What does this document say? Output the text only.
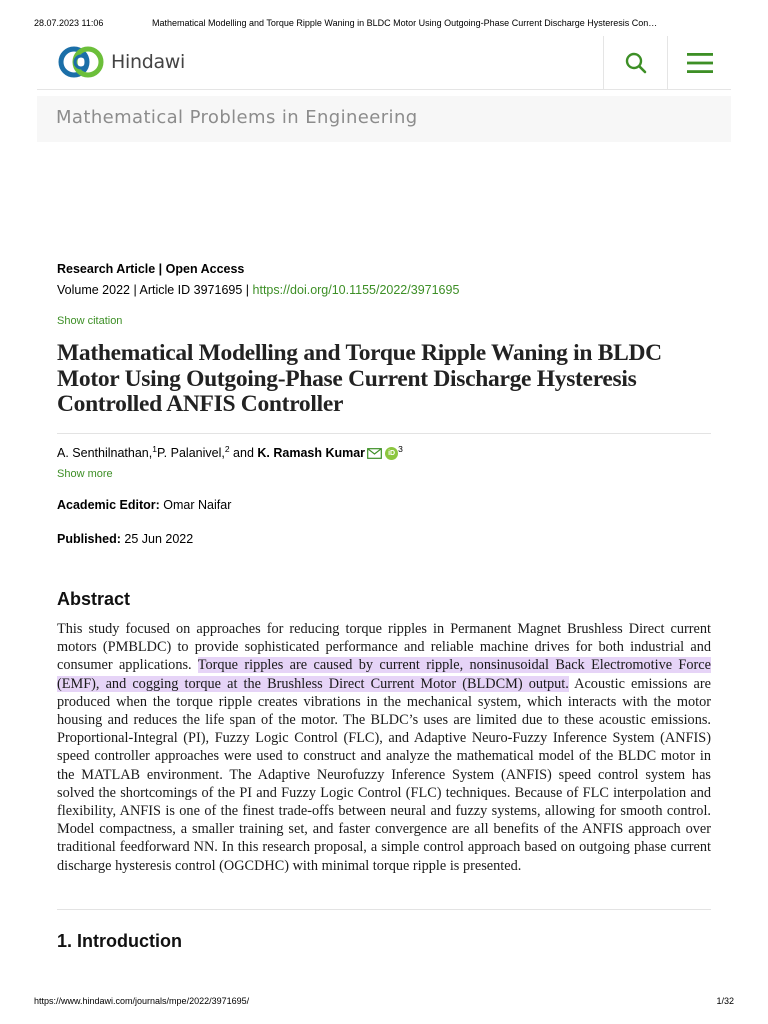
28.07.2023 11:06	Mathematical Modelling and Torque Ripple Waning in BLDC Motor Using Outgoing-Phase Current Discharge Hysteresis Con…
Hindawi
Mathematical Problems in Engineering
Research Article | Open Access
Volume 2022 | Article ID 3971695 | https://doi.org/10.1155/2022/3971695
Show citation
Mathematical Modelling and Torque Ripple Waning in BLDC Motor Using Outgoing-Phase Current Discharge Hysteresis Controlled ANFIS Controller
A. Senthilnathan,$^1$ P. Palanivel,$^2$ and K. Ramash Kumar	iD $^3$
Show more
Academic Editor: Omar Naifar
Published: 25 Jun 2022
Abstract

This study focused on approaches for reducing torque ripples in Permanent Magnet Brushless Direct current motors (PMBLDC) to provide sophisticated performance and reliable machine drives for both industrial and consumer applications. Torque ripples are caused by current ripple, nonsinusoidal Back Electromotive Force (EMF), and cogging torque at the Brushless Direct Current Motor (BLDCM) output. Acoustic emissions are produced when the torque ripple creates vibrations in the mechanical system, which interacts with the motor housing and reduces the life span of the motor. The BLDC’s uses are limited due to these acoustic emissions. Proportional-Integral (PI), Fuzzy Logic Control (FLC), and Adaptive Neuro-Fuzzy Inference System (ANFIS) speed controller approaches were used to construct and analyze the mathematical model of the BLDC motor in the MATLAB environment. The Adaptive Neurofuzzy Inference System (ANFIS) speed control system has solved the shortcomings of the PI and Fuzzy Logic Control (FLC) techniques. Because of FLC interpolation and flexibility, ANFIS is one of the finest trade-offs between neural and fuzzy systems, allowing for smooth control. Model compactness, a smaller training set, and faster convergence are all benefits of the ANFIS approach over traditional feedforward NN. In this research proposal, a simple control approach based on outgoing phase current discharge hysteresis control (OGCDHC) with minimal torque ripple is presented.

1. Introduction
https://www.hindawi.com/journals/mpe/2022/3971695/	1/32
